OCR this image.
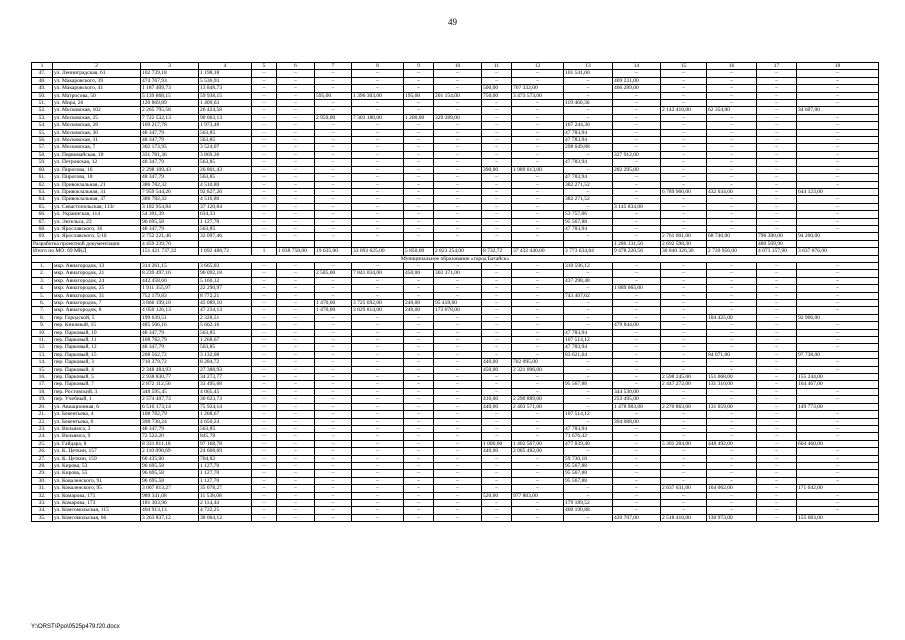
49
1	2	3	4	5	6	7	8	9	10	11	12	13	14	15	16	17	18
47.	ул. Ленинградская, 61	102 739,18	1 198,18	–	–	–	–	–	–	–	–	101 541,00	–	–	–	–	–
48.	ул. Макаровского, 39	474 767,93	5 536,93	–	–	–	–	–	–	–	–	–	469 231,00	–	–	–	–
49.	ул. Макаровского, 41	1 187 409,73	13 848,73	–	–	–	–	–	–	500,00	707 332,00	–	466 289,00	–	–	–	–
50.	ул. Матросова, 50	5 139 868,15	59 938,15	–	–	595,00	1 396 303,00	195,00	201 154,00	750,00	3 473 573,00	–	–	–	–	–	–
51.	ул. Мира, 26	120 869,89	1 409,63	–	–	–	–	–	–	–	–	119 460,36	–	–	–	–	–
52.	ул. Московская, 102	2 265 795,58	26 424,58	–	–	–	–	–	–	–	–	–	–	2 142 410,00	62 354,00	–	34 607,00
53.	ул. Московская, 25	7 722 532,13	90 063,13	–	–	2 959,00	7 303 180,00	1 200,00	329 289,00	–	–	–	–	–	–	–	–
54.	ул. Московская, 28	169 217,78	1 973,48	–	–	–	–	–	–	–	–	167 244,30	–	–	–	–	–
55.	ул. Московская, 30	48 347,79	563,85	–	–	–	–	–	–	–	–	47 783,94	–	–	–	–	–
56.	ул. Московская, 31	48 347,79	563,85	–	–	–	–	–	–	–	–	47 783,94	–	–	–	–	–
57.	ул. Московская, 7	302 173,95	3 524,07	–	–	–	–	–	–	–	–	298 649,88	–	–	–	–	–
58.	ул. Первомайская, 18	331 781,36	3 869,36	–	–	–	–	–	–	–	–	–	327 912,00	–	–	–	–
59.	ул. Петровская, 12	48 347,79	563,85	–	–	–	–	–	–	–	–	47 783,94	–	–	–	–	–
60.	ул. Пирогова, 16	2 298 109,43	26 801,43	–	–	–	–	–	–	390,00	1 989 013,00	–	282 295,00	–	–	–	–
61.	ул. Пирогова, 18	48 347,79	563,85	–	–	–	–	–	–	–	–	47 783,94	–	–	–	–	–
62.	ул. Привокзальная, 21	386 782,32	4 510,80	–	–	–	–	–	–	–	–	382 271,52	–	–	–	–	–
63.	ул. Привокзальная, 31	7 959 544,26	92 827,26	–	–	–	–	–	–	–	–	–	–	6 789 960,00	432 634,00	–	644 123,00
64.	ул. Привокзальная, 37	386 782,32	4 510,80	–	–	–	–	–	–	–	–	382 271,52	–	–	–	–	–
65.	ул. Севастопольская, 113г	3 182 954,84	37 120,84	–	–	–	–	–	–	–	–	–	3 145 834,00	–	–	–	–
66.	ул. Украинская, 114	54 391,39	634,33	–	–	–	–	–	–	–	–	53 757,06	–	–	–	–	–
67.	ул. Энгельса, 23	96 695,58	1 127,70	–	–	–	–	–	–	–	–	95 567,88	–	–	–	–	–
68.	ул. Ярославского, 16	48 347,79	563,85	–	–	–	–	–	–	–	–	47 783,94	–	–	–	–	–
69.	ул. Ярославского, 5/10	2 752 221,46	32 097,46	–	–	–	–	–	–	–	–	–	–	2 761 001,00	68 740,00	796 380,00	94 200,00
Разработка проектной документации		4 459 239,76											1 286 131,56	2 692 598,30		480 509,90	
Итого по МО: 69 МКД		151 421 737,32	1 692 488,72	1	1 838 758,00	19 635,00	33 093 625,00	5 850,00	2 823 254,00	8 732,72	37 432 440,00	3 773 634,84	9 478 220,56	30 840 326,30	2 739 956,00	4 073 157,90	3 637 876,00
Муниципальное образование «город Батайск»																	
1.	мкр. Авиагородок, 13	314 261,15	3 665,03	–	–	–	–	–	–	–	–	310 596,12	–	–	–	–	–
2.	мкр. Авиагородок, 21	8 239 497,16	96 092,18	–	–	2 585,00	7 841 034,00	450,00	302 371,00	–	–	–	–	–	–	–	–
3.	мкр. Авиагородок, 24	442 458,60	5 160,12	–	–	–	–	–	–	–	–	437 298,48	–	–	–	–	–
4.	мкр. Авиагородок, 25	1 911 355,97	22 290,97	–	–	–	–	–	–	–	–	–	1 889 065,00	–	–	–	–
5.	мкр. Авиагородок, 31	752 179,83	8 772,21	–	–	–	–	–	–	–	–	743 407,62	–	–	–	–	–
6.	мкр. Авиагородок, 7	3 866 199,10	45 089,10	–	–	1 470,00	3 725 692,00	240,00	95 418,00	–	–	–	–	–	–	–	–
7.	мкр. Авиагородок, 8	4 050 126,13	47 234,13	–	–	1 470,00	3 829 814,00	240,00	173 078,00	–	–	–	–	–	–	–	–
8.	пер. Городской, 5	199 639,51	2 328,51	–	–	–	–	–	–	–	–	–	–	–	104 425,00	–	92 906,00
9.	пер. Книжный, 15	485 506,16	5 662,16	–	–	–	–	–	–	–	–	–	479 844,00	–	–	–	–
10.	пер. Парковый, 10	48 347,79	563,85	–	–	–	–	–	–	–	–	47 783,94	–	–	–	–	–
11.	пер. Парковый, 11	108 782,79	1 268,67	–	–	–	–	–	–	–	–	107 514,12	–	–	–	–	–
12.	пер. Парковый, 12	48 347,79	563,85	–	–	–	–	–	–	–	–	47 783,94	–	–	–	–	–
13.	пер. Парковый, 15	268 562,72	3 132,08	–	–	–	–	–	–	–	–	83 621,64	–	–	84 071,00	–	97 738,00
14.	пер. Парковый, 3	710 379,72	8 284,72	–	–	–	–	–	–	440,00	702 095,00	–	–	–	–	–	–
15.	пер. Парковый, 4	2 348 484,93	27 388,93	–	–	–	–	–	–	450,00	2 321 096,00	–	–	–	–	–	–
16.	пер. Парковый, 5	2 938 830,77	34 273,77	–	–	–	–	–	–	–	–	–	–	2 598 245,00	151 068,00	–	155 244,00
17.	пер. Парковый, 7	2 872 112,56	33 495,68	–	–	–	–	–	–	–	–	95 567,88	–	2 447 272,00	131 310,00	–	164 467,00
18.	пер. Ростовский, 3	348 595,45	4 065,45	–	–	–	–	–	–	–	–	–	344 530,00	–	–	–	–
19.	пер. Учебный, 1	2 574 407,73	30 023,73	–	–	–	–	–	–	410,00	2 290 889,00	–	253 495,00	–	–	–	–
20.	ул. Авиационная, 6	6 510 173,14	75 924,14	–	–	–	–	–	–	440,00	2 403 571,00	–	1 478 983,00	2 270 863,00	131 059,00	–	149 773,00
21.	ул. Бекентьева, 4	108 782,79	1 268,67	–	–	–	–	–	–	–	–	107 514,12	–	–	–	–	–
22.	ул. Бекентьева, 6	398 738,24	4 650,24	–	–	–	–	–	–	–	–	–	394 088,00	–	–	–	–
23.	ул. Вильямса, 3	48 347,79	563,85	–	–	–	–	–	–	–	–	47 783,94	–	–	–	–	–
24.	ул. Вильямса, 9	72 522,20	845,78	–	–	–	–	–	–	–	–	71 676,42	–	–	–	–	–
25.	ул. Гайдара, 8	8 331 811,18	97 168,78	–	–	–	–	–	–	1 000,00	1 402 567,00	477 839,40	–	5 301 284,00	448 492,00	–	604 460,00
26.	ул. К. Цеткин, 157	2 110 090,69	24 608,69	–	–	–	–	–	–	440,00	2 085 482,00	–	–	–	–	–	–
27.	ул. К. Цеткин, 159	60 435,00	704,82	–	–	–	–	–	–	–	–	59 730,18	–	–	–	–	–
28.	ул. Кирова, 53	96 695,58	1 127,70	–	–	–	–	–	–	–	–	95 567,88	–	–	–	–	–
29.	ул. Кирова, 55	96 695,58	1 127,70	–	–	–	–	–	–	–	–	95 567,88	–	–	–	–	–
30.	ул. Коваленского, 91	96 695,58	1 127,70	–	–	–	–	–	–	–	–	95 567,88	–	–	–	–	–
31.	ул. Коваленского, 95	3 007 813,27	35 078,27	–	–	–	–	–	–	–	–	–	–	2 637 631,00	164 062,00	–	171 042,00
32.	ул. Комарова, 171	989 341,08	11 538,08	–	–	–	–	–	–	520,00	977 803,00	–	–	–	–	–	–
33.	ул. Комарова, 173	181 303,96	2 114,44	–	–	–	–	–	–	–	–	179 189,52	–	–	–	–	–
34.	ул. Комсомольская, 115	404 913,13	4 722,25	–	–	–	–	–	–	–	–	400 190,88	–	–	–	–	–
35.	ул. Комсомольская, 66	3 263 837,12	38 064,12	–	–	–	–	–	–	–	–	–	420 707,00	2 518 410,00	130 973,00	–	155 683,00
Y:\ORST\Ppo\0525p479.f20.docx
